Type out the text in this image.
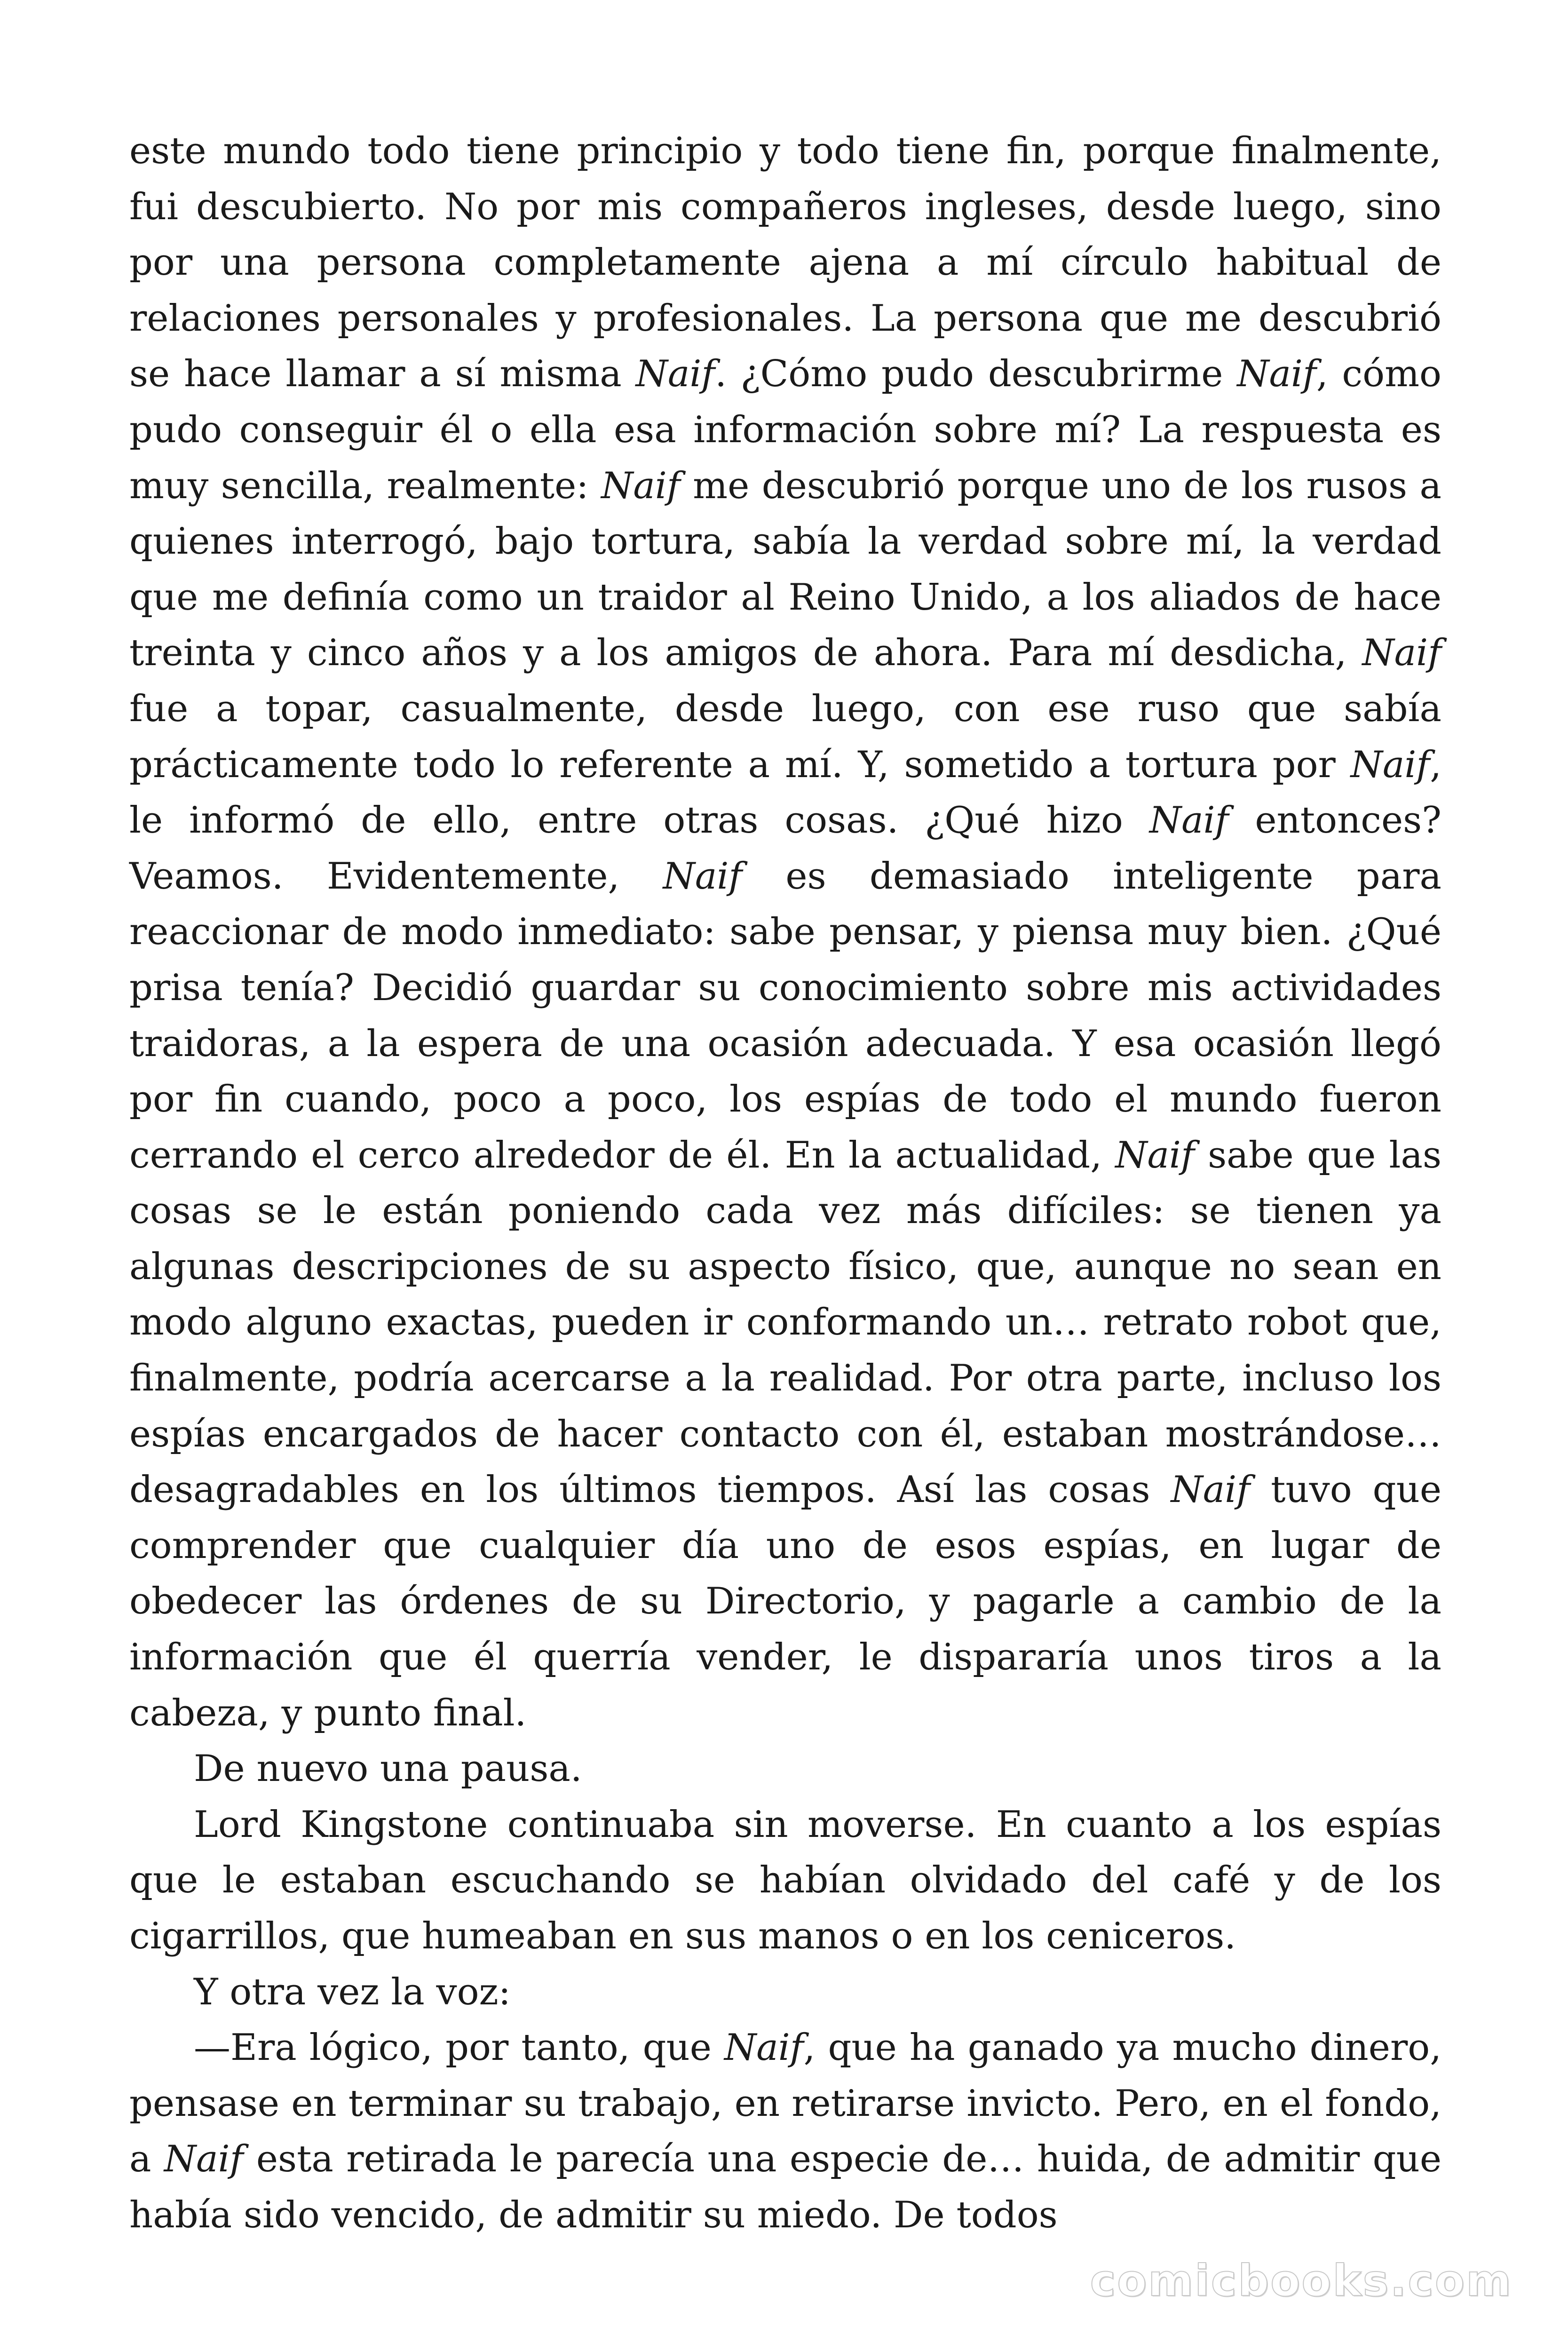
este mundo todo tiene principio y todo tiene fin, porque finalmente, fui descubierto. No por mis compañeros ingleses, desde luego, sino por una persona completamente ajena a mí círculo habitual de relaciones personales y profesionales. La persona que me descubrió se hace llamar a sí misma Naif. ¿Cómo pudo descubrirme Naif, cómo pudo conseguir él o ella esa información sobre mí? La respuesta es muy sencilla, realmente: Naif me descubrió porque uno de los rusos a quienes interrogó, bajo tortura, sabía la verdad sobre mí, la verdad que me definía como un traidor al Reino Unido, a los aliados de hace treinta y cinco años y a los amigos de ahora. Para mí desdicha, Naif fue a topar, casualmente, desde luego, con ese ruso que sabía prácticamente todo lo referente a mí. Y, sometido a tortura por Naif, le informó de ello, entre otras cosas. ¿Qué hizo Naif entonces? Veamos. Evidentemente, Naif es demasiado inteligente para reaccionar de modo inmediato: sabe pensar, y piensa muy bien. ¿Qué prisa tenía? Decidió guardar su conocimiento sobre mis actividades traidoras, a la espera de una ocasión adecuada. Y esa ocasión llegó por fin cuando, poco a poco, los espías de todo el mundo fueron cerrando el cerco alrededor de él. En la actualidad, Naif sabe que las cosas se le están poniendo cada vez más difíciles: se tienen ya algunas descripciones de su aspecto físico, que, aunque no sean en modo alguno exactas, pueden ir conformando un… retrato robot que, finalmente, podría acercarse a la realidad. Por otra parte, incluso los espías encargados de hacer contacto con él, estaban mostrándose… desagradables en los últimos tiempos. Así las cosas Naif tuvo que comprender que cualquier día uno de esos espías, en lugar de obedecer las órdenes de su Directorio, y pagarle a cambio de la información que él querría vender, le dispararía unos tiros a la cabeza, y punto final.

De nuevo una pausa.

Lord Kingstone continuaba sin moverse. En cuanto a los espías que le estaban escuchando se habían olvidado del café y de los cigarrillos, que humeaban en sus manos o en los ceniceros.

Y otra vez la voz:

—Era lógico, por tanto, que Naif, que ha ganado ya mucho dinero, pensase en terminar su trabajo, en retirarse invicto. Pero, en el fondo, a Naif esta retirada le parecía una especie de… huida, de admitir que había sido vencido, de admitir su miedo. De todos

comicbooks.com
